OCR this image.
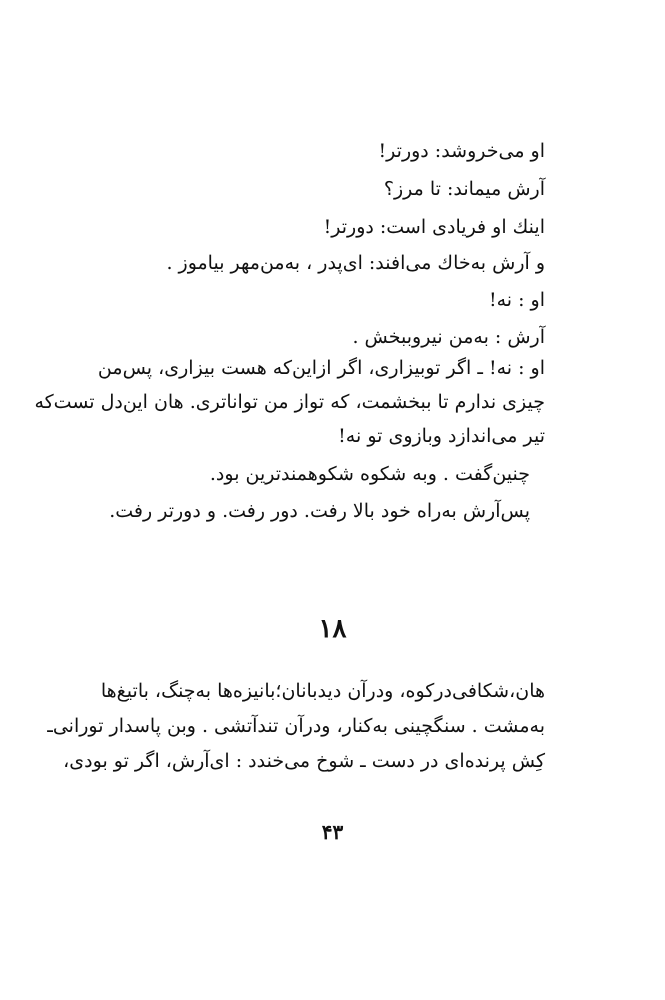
او می‌خروشد: دورتر!
آرش میماند: تا مرز؟
اینك او فریادی است: دورتر!
و آرش به‌خاك می‌افند: ای‌پدر ، به‌من‌مهر بیاموز .
او : نه!
آرش : به‌من نیروببخش .
او : نه! ـ اگر توبیزاری، اگر ازاین‌که هست بیزاری، پس‌من
چیزی ندارم تا ببخشمت، که تواز من تواناتری. هان این‌دل تست‌که
تیر می‌اندازد وبازوی تو نه!
چنین‌گفت . وبه شکوه شکوهمندترین بود.
پس‌آرش به‌راه خود بالا رفت. دور رفت. و دورتر رفت.
۱۸
هان،شکافی‌درکوه، ودرآن دیدبانان؛بانیزه‌ها به‌چنگ، باتیغ‌ها
به‌مشت . سنگچینی به‌کنار، ودرآن تندآتشی . وبن پاسدار تورانی‌ـ
کِش پرنده‌ای در دست ـ شوخ می‌خندد : ای‌آرش، اگر تو بودی،
۴۳
